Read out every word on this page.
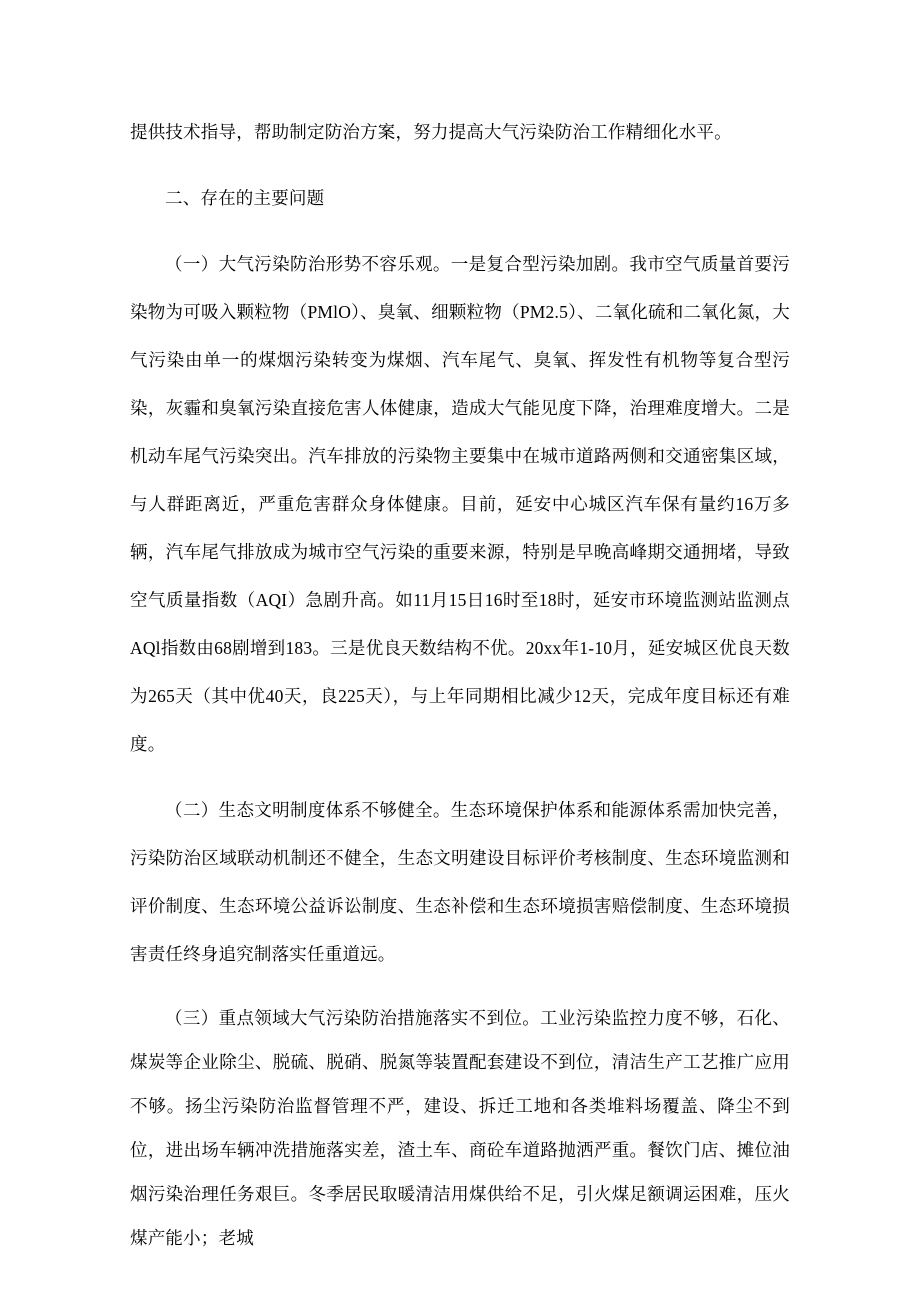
提供技术指导，帮助制定防治方案，努力提高大气污染防治工作精细化水平。

二、存在的主要问题

（一）大气污染防治形势不容乐观。一是复合型污染加剧。我市空气质量首要污染物为可吸入颗粒物（PMlO）、臭氧、细颗粒物（PM2.5）、二氧化硫和二氧化氮，大气污染由单一的煤烟污染转变为煤烟、汽车尾气、臭氧、挥发性有机物等复合型污染，灰霾和臭氧污染直接危害人体健康，造成大气能见度下降，治理难度增大。二是机动车尾气污染突出。汽车排放的污染物主要集中在城市道路两侧和交通密集区域，与人群距离近，严重危害群众身体健康。目前，延安中心城区汽车保有量约16万多辆，汽车尾气排放成为城市空气污染的重要来源，特别是早晚高峰期交通拥堵，导致空气质量指数（AQI）急剧升高。如11月15日16时至18时，延安市环境监测站监测点AQl指数由68剧增到183。三是优良天数结构不优。20xx年1-10月，延安城区优良天数为265天（其中优40天，良225天），与上年同期相比减少12天，完成年度目标还有难度。

（二）生态文明制度体系不够健全。生态环境保护体系和能源体系需加快完善，污染防治区域联动机制还不健全，生态文明建设目标评价考核制度、生态环境监测和评价制度、生态环境公益诉讼制度、生态补偿和生态环境损害赔偿制度、生态环境损害责任终身追究制落实任重道远。

（三）重点领域大气污染防治措施落实不到位。工业污染监控力度不够，石化、煤炭等企业除尘、脱硫、脱硝、脱氮等装置配套建设不到位，清洁生产工艺推广应用不够。扬尘污染防治监督管理不严，建设、拆迁工地和各类堆料场覆盖、降尘不到位，进出场车辆冲洗措施落实差，渣土车、商砼车道路抛洒严重。餐饮门店、摊位油烟污染治理任务艰巨。冬季居民取暖清洁用煤供给不足，引火煤足额调运困难，压火煤产能小；老城
